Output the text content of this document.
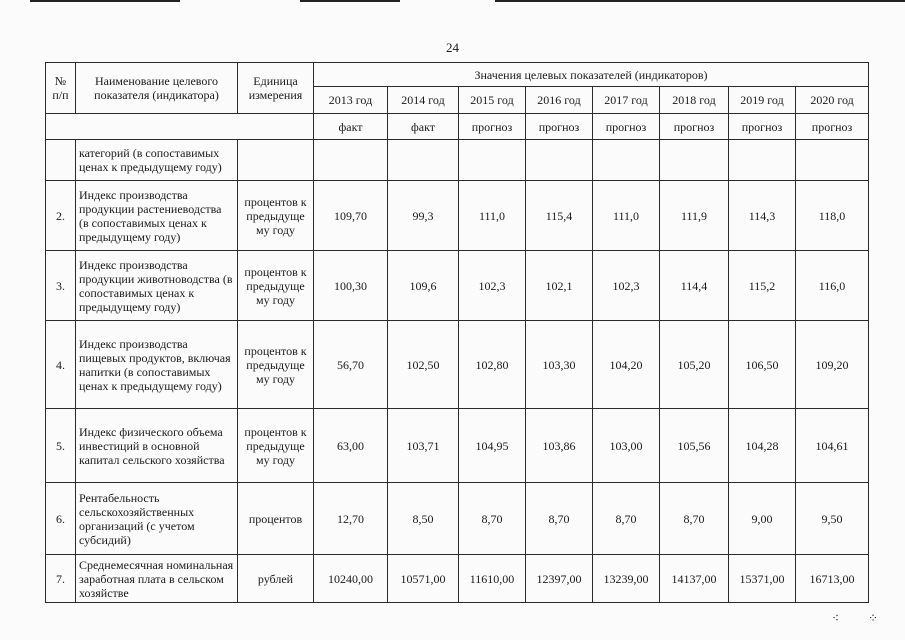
24
№ п/п	Наименование целевого показателя (индикатора)	Единица измерения	Значения целевых показателей (индикаторов)							
			2013 год	2014 год	2015 год	2016 год	2017 год	2018 год	2019 год	2020 год
			факт	факт	прогноз	прогноз	прогноз	прогноз	прогноз	прогноз
	категорий (в сопоставимых ценах к предыдущему году)									
2.	Индекс производства продукции растениеводства (в сопоставимых ценах к предыдущему году)	процентов к предыдуще му году	109,70	99,3	111,0	115,4	111,0	111,9	114,3	118,0
3.	Индекс производства продукции животноводства (в сопоставимых ценах к предыдущему году)	процентов к предыдуще му году	100,30	109,6	102,3	102,1	102,3	114,4	115,2	116,0
4.	Индекс производства пищевых продуктов, включая напитки (в сопоставимых ценах к предыдущему году)	процентов к предыдуще му году	56,70	102,50	102,80	103,30	104,20	105,20	106,50	109,20
5.	Индекс физического объема инвестиций в основной капитал сельского хозяйства	процентов к предыдуще му году	63,00	103,71	104,95	103,86	103,00	105,56	104,28	104,61
6.	Рентабельность сельскохозяйственных организаций (с учетом субсидий)	процентов	12,70	8,50	8,70	8,70	8,70	8,70	9,00	9,50
7.	Среднемесячная номинальная заработная плата в сельском хозяйстве	рублей	10240,00	10571,00	11610,00	12397,00	13239,00	14137,00	15371,00	16713,00
⁖ ⁘
